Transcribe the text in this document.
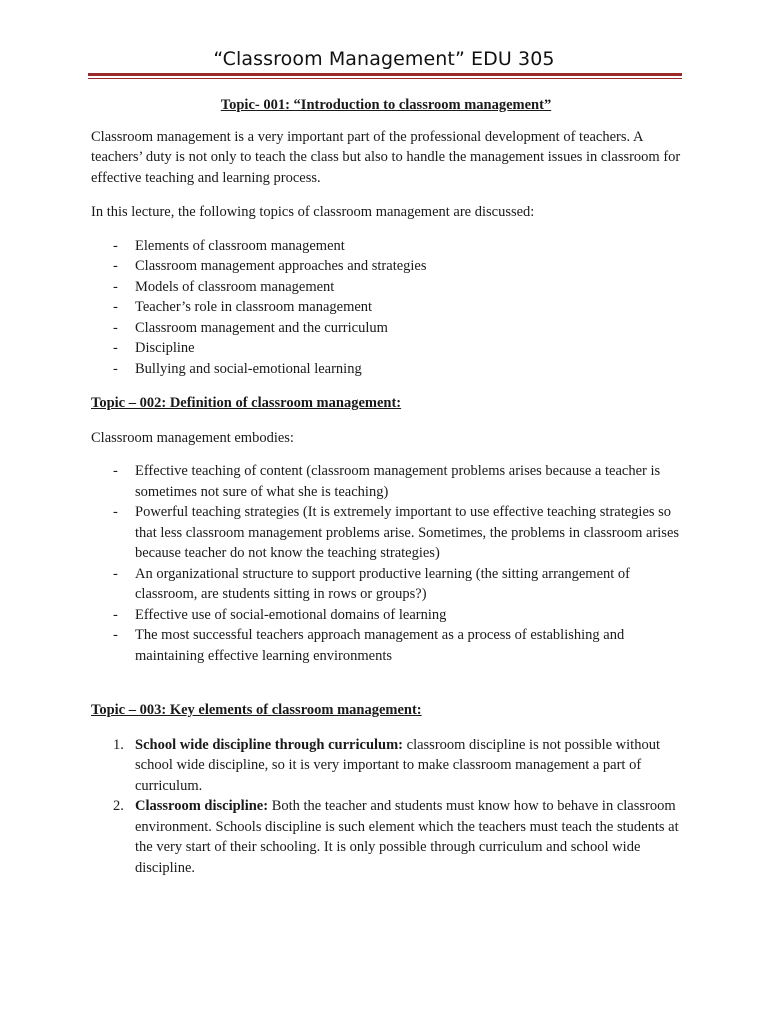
“Classroom Management” EDU 305

Topic- 001: “Introduction to classroom management”

Classroom management is a very important part of the professional development of teachers. A teachers’ duty is not only to teach the class but also to handle the management issues in classroom for effective teaching and learning process.

In this lecture, the following topics of classroom management are discussed:

- Elements of classroom management
- Classroom management approaches and strategies
- Models of classroom management
- Teacher’s role in classroom management
- Classroom management and the curriculum
- Discipline
- Bullying and social-emotional learning

Topic – 002: Definition of classroom management:

Classroom management embodies:

- Effective teaching of content (classroom management problems arises because a teacher is sometimes not sure of what she is teaching)
- Powerful teaching strategies (It is extremely important to use effective teaching strategies so that less classroom management problems arise. Sometimes, the problems in classroom arises because teacher do not know the teaching strategies)
- An organizational structure to support productive learning (the sitting arrangement of classroom, are students sitting in rows or groups?)
- Effective use of social-emotional domains of learning
- The most successful teachers approach management as a process of establishing and maintaining effective learning environments

Topic – 003: Key elements of classroom management:

1. School wide discipline through curriculum: classroom discipline is not possible without school wide discipline, so it is very important to make classroom management a part of curriculum.
2. Classroom discipline: Both the teacher and students must know how to behave in classroom environment. Schools discipline is such element which the teachers must teach the students at the very start of their schooling. It is only possible through curriculum and school wide discipline.
